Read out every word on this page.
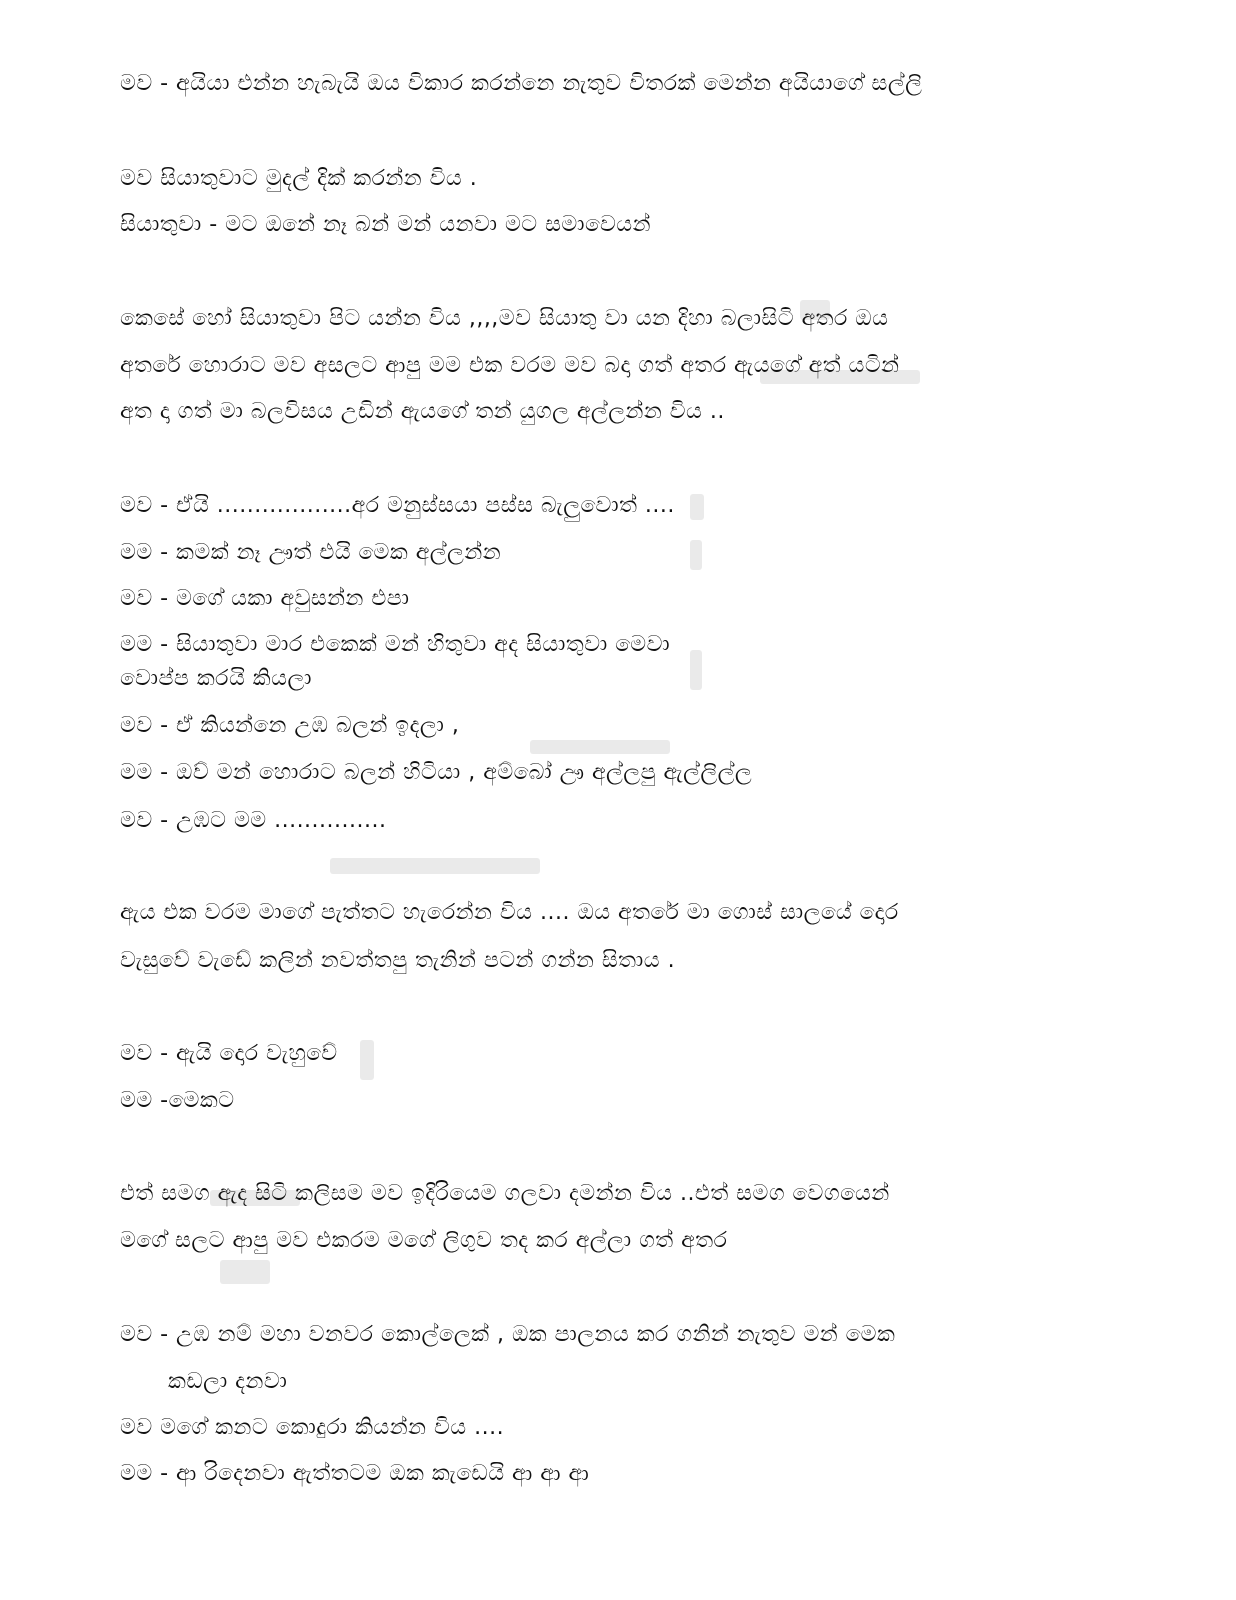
මව - අයියා එන්න හැබැයි ඔය විකාර කරන්නෙ නැතුව විතරක් මෙන්න අයියාගේ සල්ලි
මව සියාතුවාට මුදල් දික් කරන්න විය .
සියාතුවා - මට ඔනේ නෑ බන් මන් යනවා මට සමාවෙයන්
කෙසේ හෝ සියාතුවා පිට යන්න විය ,,,,මව සියාතු වා යන දිහා බලාසිටි අතර ඔය
අතරේ හොරාට මව අසලට ආපු මම එක වරම මව බදා ගත් අතර ඇයගේ අත් යටින්
අත දා ගත් මා බලවිසය උඩින් ඇයගේ තන් යුගල අල්ලන්න විය ..
මව - ඒයි ..................අර මනුස්සයා පස්ස බැලුවොත් ....
මම - කමක් නෑ ඌත් එයි මෙක අල්ලන්න
මව - මගේ යකා අවුසන්න එපා
මම - සියාතුවා මාර එකෙක් මන් හිතුවා අද සියාතුවා මෙවා
වොප්ප කරයි කියලා
මව - ඒ කියන්නෙ උඹ බලන් ඉදලා ,
මම - ඔව් මන් හොරාට බලන් හිටියා , අම්බෝ ඌ අල්ලපු ඇල්ලිල්ල
මව - උඹට මම ...............
ඇය එක වරම මාගේ පැත්තට හැරෙන්න විය .... ඔය අතරේ මා ගොස් සාලයේ දොර
වැසුවේ වැඩේ කලින් නවත්තපු තැනින් පටන් ගන්න සිතාය .
මව - ඇයි දොර වැහුවේ
මම -මෙකට
එත් සමග ඇද සිටි කලිසම මව ඉදිරියෙම ගලවා දමන්න විය ..එත් සමග වෙගයෙන්
මගේ සලට ආපු මව එකරම මගේ ලිගුව තද කර අල්ලා ගත් අතර
මව - උඹ නම් මහා වනවර කොල්ලෙක් , ඔක පාලනය කර ගනින් නැතුව මන් මෙක
කඩලා දනවා
මව මගේ කනට කොදුරා කියන්න විය ....
මම - ආ රිදෙනවා ඇත්තටම ඔක කැඩෙයි ආ ආ ආ
